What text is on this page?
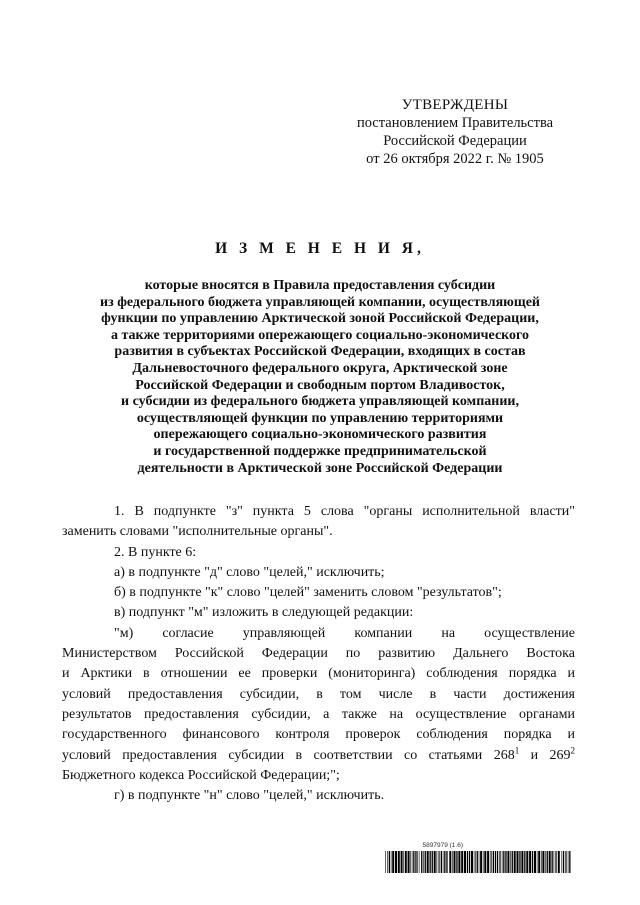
УТВЕРЖДЕНЫ
постановлением Правительства
Российской Федерации
от 26 октября 2022 г. № 1905
И З М Е Н Е Н И Я,
которые вносятся в Правила предоставления субсидии
из федерального бюджета управляющей компании, осуществляющей
функции по управлению Арктической зоной Российской Федерации,
а также территориями опережающего социально-экономического
развития в субъектах Российской Федерации, входящих в состав
Дальневосточного федерального округа, Арктической зоне
Российской Федерации и свободным портом Владивосток,
и субсидии из федерального бюджета управляющей компании,
осуществляющей функции по управлению территориями
опережающего социально-экономического развития
и государственной поддержке предпринимательской
деятельности в Арктической зоне Российской Федерации
1. В подпункте "з" пункта 5 слова "органы исполнительной власти"
заменить словами "исполнительные органы".
2. В пункте 6:
а) в подпункте "д" слово "целей," исключить;
б) в подпункте "к" слово "целей" заменить словом "результатов";
в) подпункт "м" изложить в следующей редакции:
"м) согласие управляющей компании на осуществление
Министерством Российской Федерации по развитию Дальнего Востока
и Арктики в отношении ее проверки (мониторинга) соблюдения порядка и
условий предоставления субсидии, в том числе в части достижения
результатов предоставления субсидии, а также на осуществление органами
государственного финансового контроля проверок соблюдения порядка и
условий предоставления субсидии в соответствии со статьями $268^1$ и $269^2$
Бюджетного кодекса Российской Федерации;";
г) в подпункте "н" слово "целей," исключить.
5897979 (1.6)
